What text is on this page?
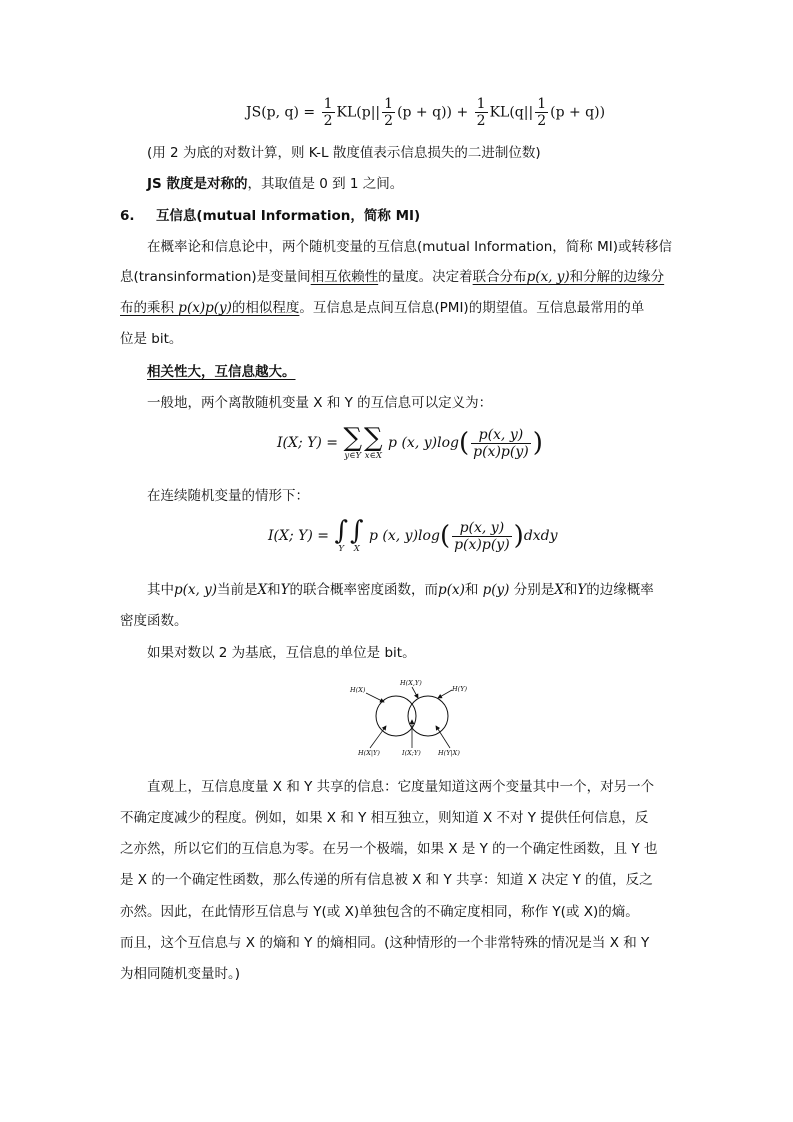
JS(p, $q) = \frac{1}{2} KL(p|| \frac{1}{2} (p + q)) + \frac{1}{2} KL(q|| \frac{1}{2} (p + q))$
(用 2 为底的对数计算，则 K-L 散度值表示信息损失的二进制位数)
JS 散度是对称的，其取值是 0 到 1 之间。
6. 互信息(mutual Information，简称 MI)
在概率论和信息论中，两个随机变量的互信息(mutual Information，简称 MI)或转移信
息(transinformation)是变量间相互依赖性的量度。决定着联合分布p(x, y)和分解的边缘分
布的乘积 p(x)p(y)的相似程度。互信息是点间互信息(PMI)的期望值。互信息最常用的单
位是 bit。
相关性大，互信息越大。
一般地，两个离散随机变量 X 和 Y 的互信息可以定义为：
I(X; Y) = ∑
y∈Y
∑
x∈X
p (x, $y)\log( \frac{p(x, y)}{p(x)p(y)}$ )
在连续随机变量的情形下：
I(X; Y) = ∫
Y
∫
X
p (x, $y)\log( \frac{p(x, y)}{p(x)p(y)}$ )dxdy
其中p(x, y)当前是X和Y的联合概率密度函数，而p(x)和 p(y) 分别是X和Y的边缘概率
密度函数。
如果对数以 2 为基底，互信息的单位是 bit。
H(X)
H(X,Y)
H(Y)
H(X|Y)	I(X;Y)	H(Y|X)
直观上，互信息度量 X 和 Y 共享的信息：它度量知道这两个变量其中一个，对另一个
不确定度减少的程度。例如，如果 X 和 Y 相互独立，则知道 X 不对 Y 提供任何信息，反
之亦然，所以它们的互信息为零。在另一个极端，如果 X 是 Y 的一个确定性函数，且 Y 也
是 X 的一个确定性函数，那么传递的所有信息被 X 和 Y 共享：知道 X 决定 Y 的值，反之
亦然。因此，在此情形互信息与 Y(或 X)单独包含的不确定度相同，称作 Y(或 X)的熵。
而且，这个互信息与 X 的熵和 Y 的熵相同。(这种情形的一个非常特殊的情况是当 X 和 Y
为相同随机变量时。)
